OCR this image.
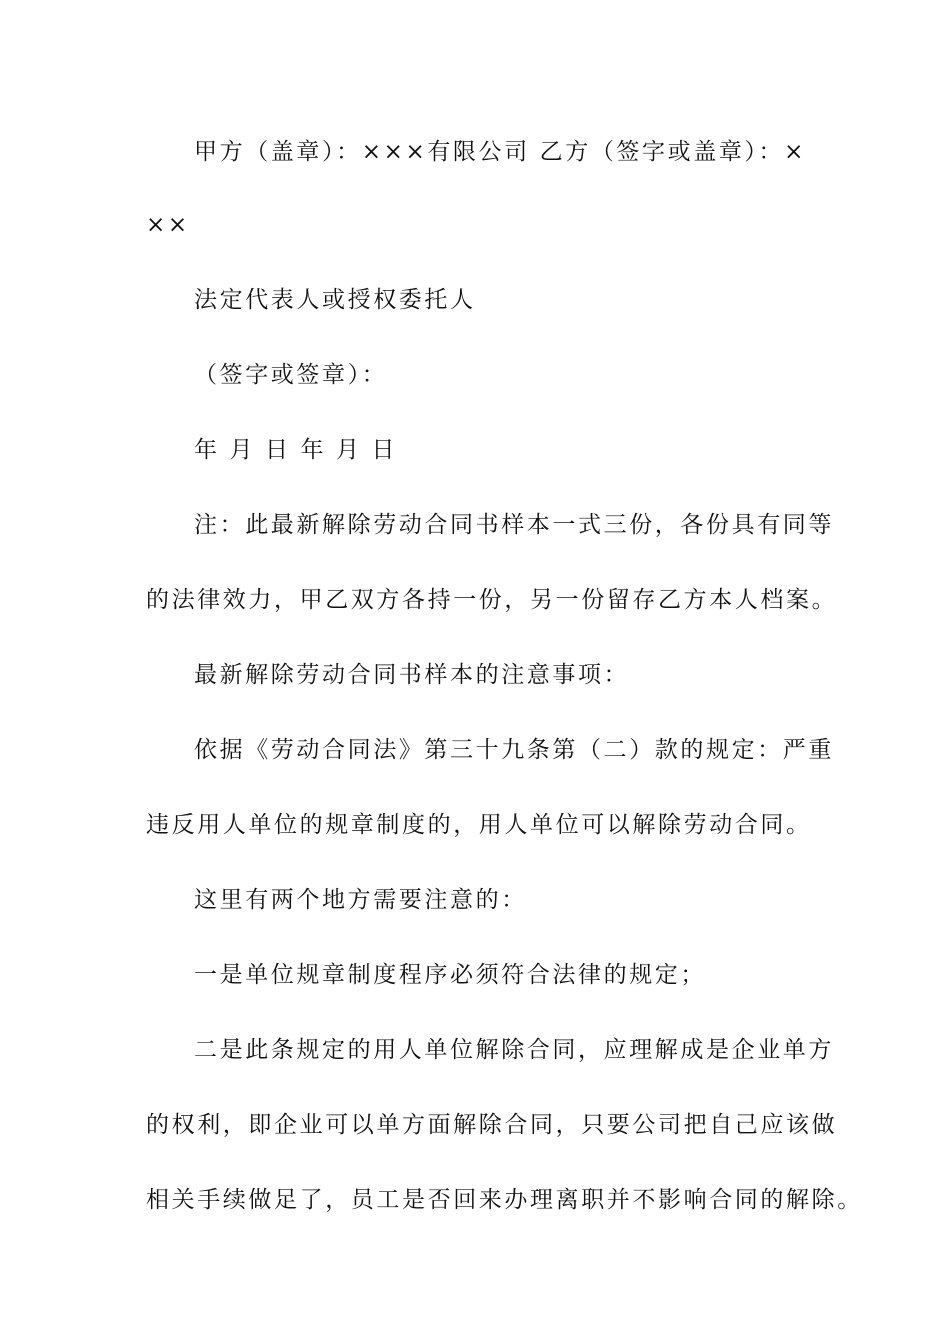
甲方（盖章）：×××有限公司 乙方（签字或盖章）：×
××
法定代表人或授权委托人
（签字或签章）：
年 月 日 年 月 日
注：此最新解除劳动合同书样本一式三份，各份具有同等
的法律效力，甲乙双方各持一份，另一份留存乙方本人档案。
最新解除劳动合同书样本的注意事项：
依据《劳动合同法》第三十九条第（二）款的规定：严重
违反用人单位的规章制度的，用人单位可以解除劳动合同。
这里有两个地方需要注意的：
一是单位规章制度程序必须符合法律的规定；
二是此条规定的用人单位解除合同，应理解成是企业单方
的权利，即企业可以单方面解除合同，只要公司把自己应该做
相关手续做足了，员工是否回来办理离职并不影响合同的解除。
